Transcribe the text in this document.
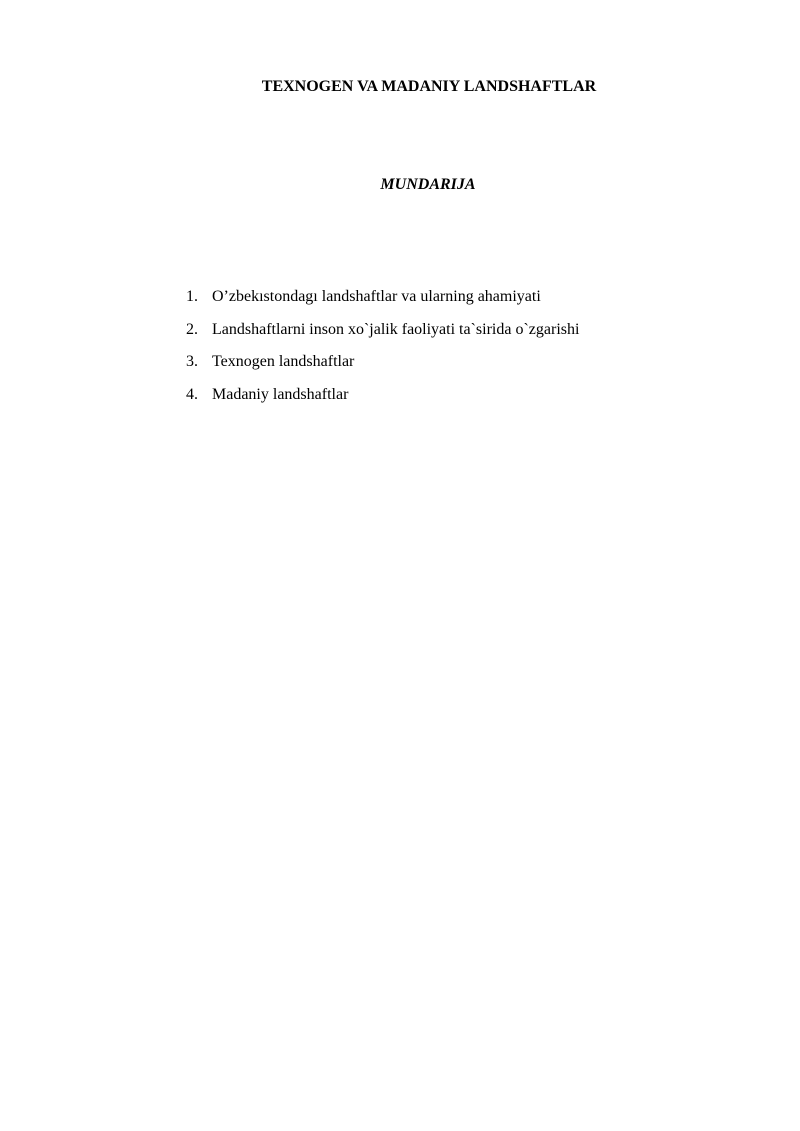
TEXNOGEN VA MADANIY LANDSHAFTLAR
MUNDARIJA
1. O’zbekıstondagı landshaftlar va ularning ahamiyati
2. Landshaftlarni inson xo`jalik faoliyati ta`sirida o`zgarishi
3. Texnogen landshaftlar
4. Madaniy landshaftlar
